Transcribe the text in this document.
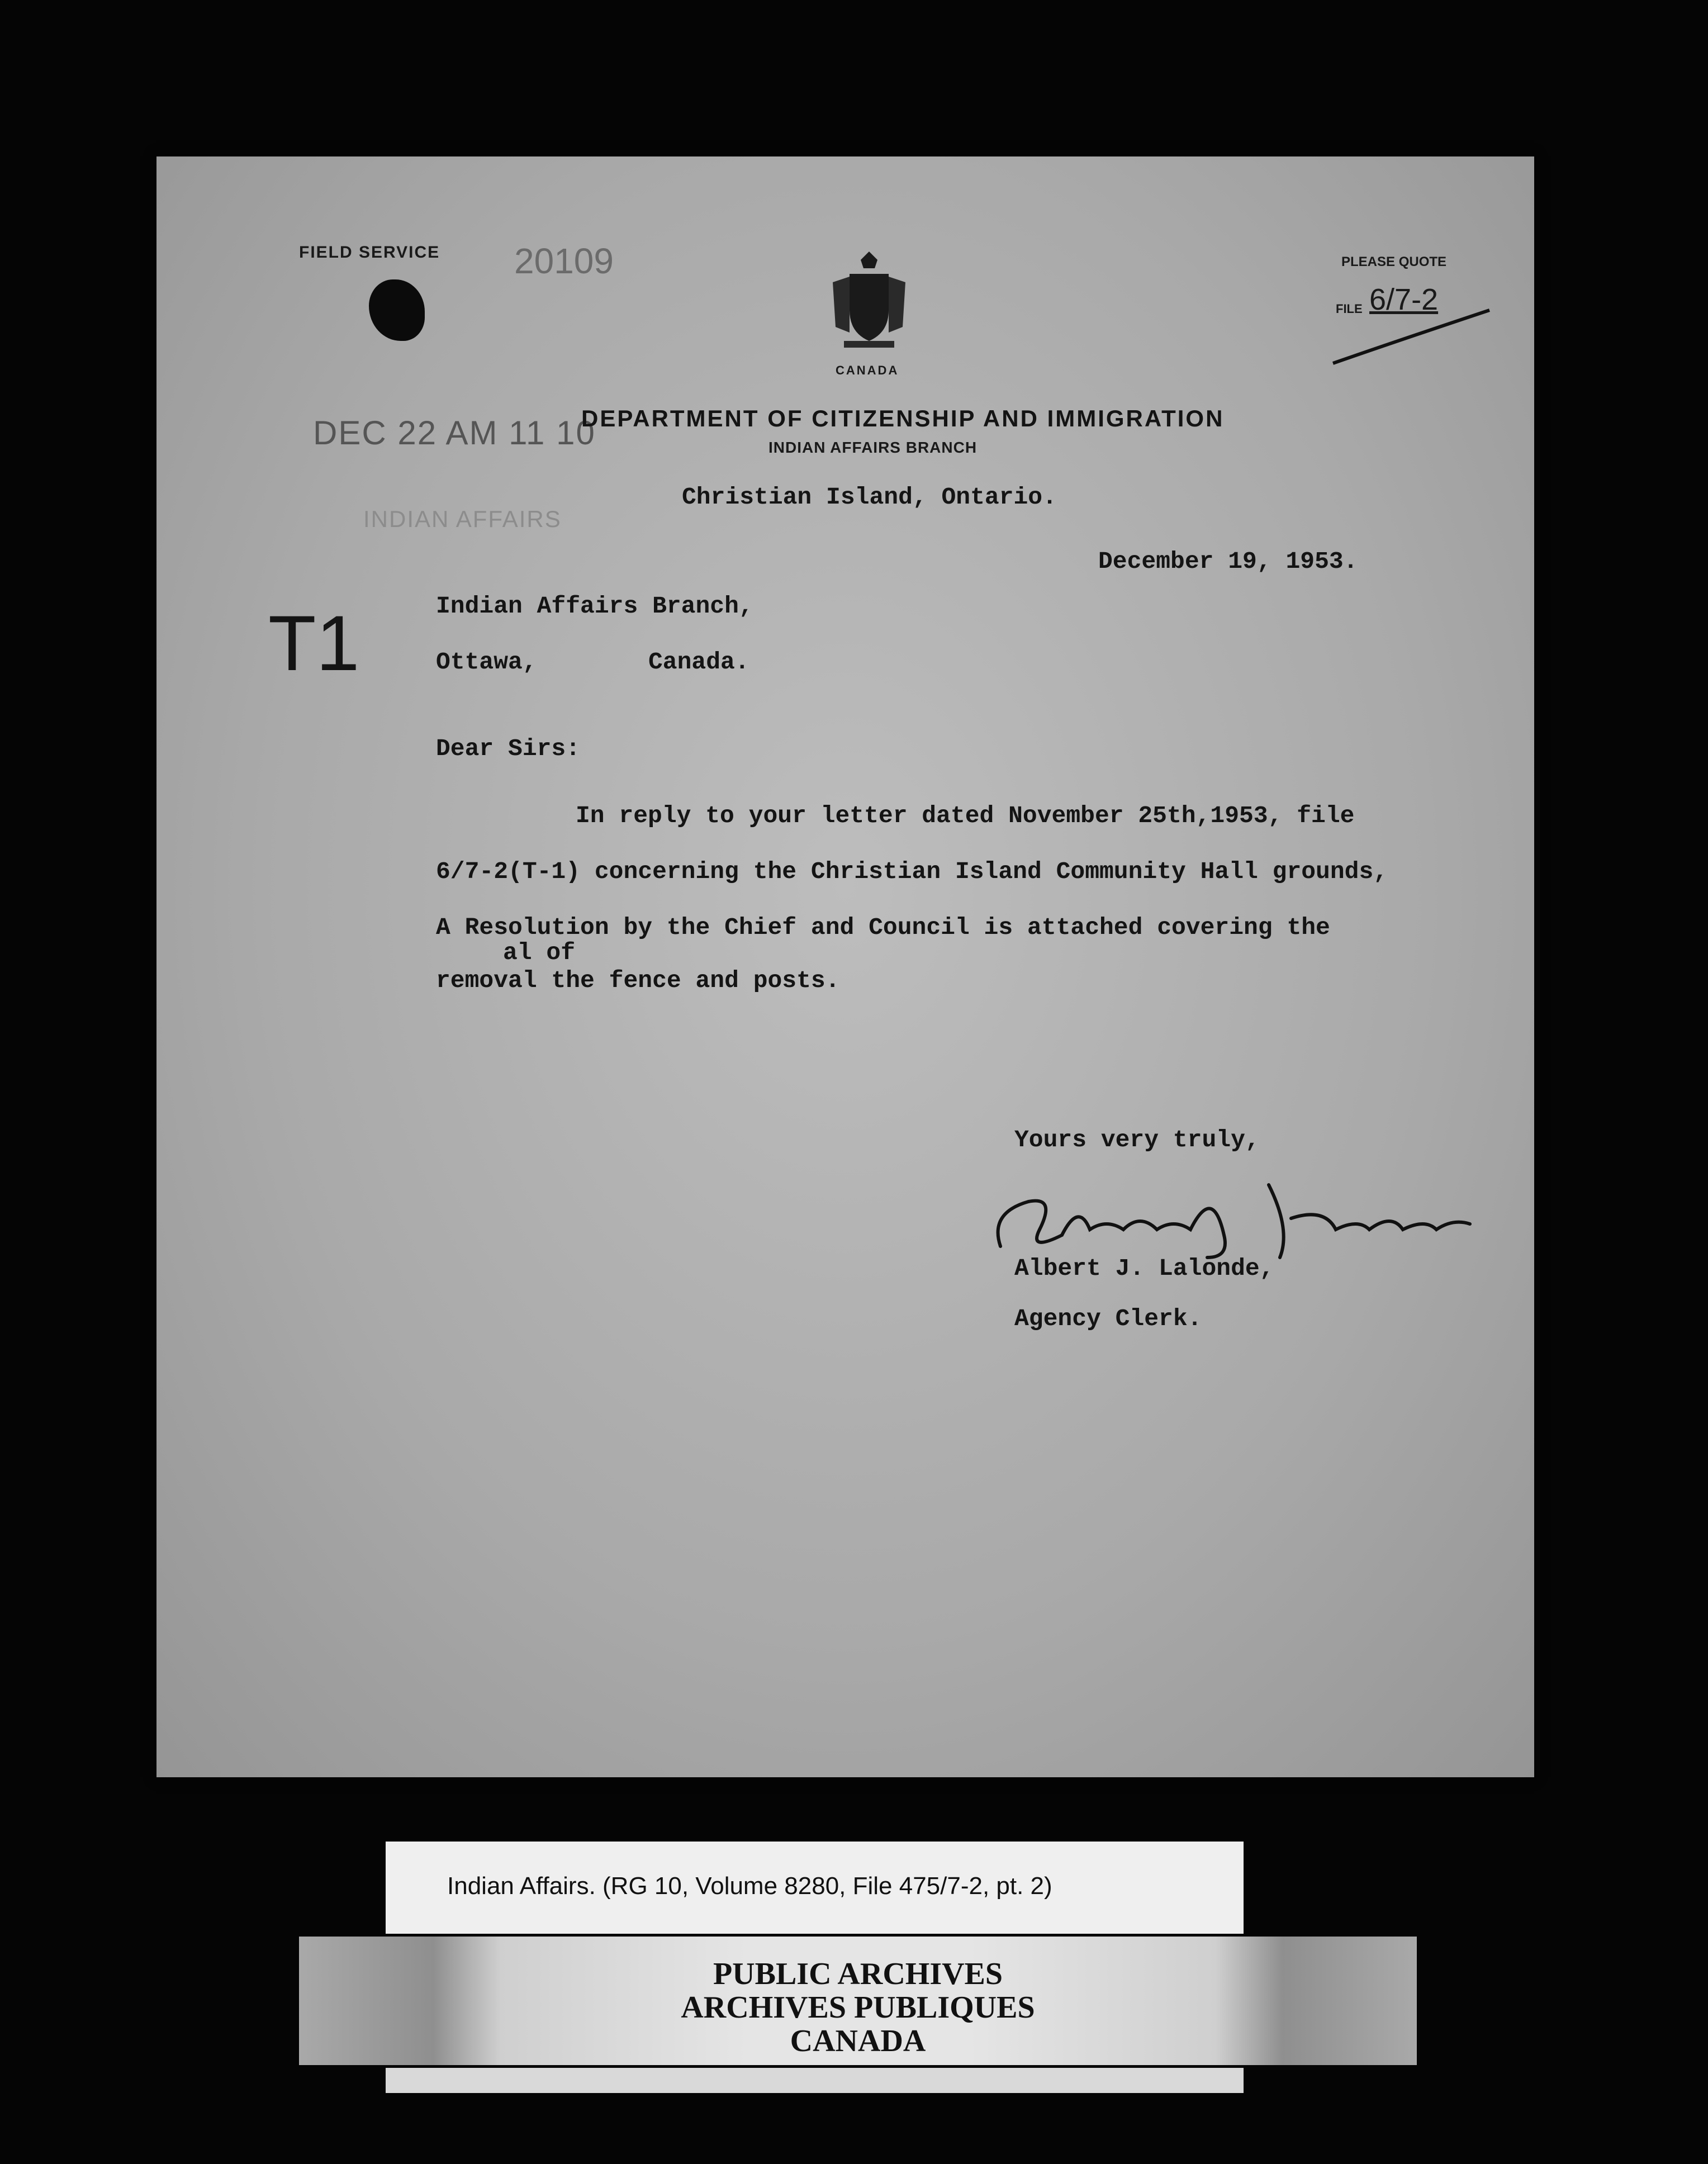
FIELD SERVICE 20109
CANADA
PLEASE QUOTE
FILE 6/7-2
DEC 22 AM 11 10
INDIAN AFFAIRS
DEPARTMENT OF CITIZENSHIP AND IMMIGRATION
INDIAN AFFAIRS BRANCH
T1
Christian Island, Ontario.
December 19, 1953.
Indian Affairs Branch,
Ottawa,	Canada.
Dear Sirs:
In reply to your letter dated November 25th,1953, file
6/7-2(T-1) concerning the Christian Island Community Hall grounds,
A Resolution by the Chief and Council is attached covering the
al of
removal the fence and posts.
Yours very truly,
Albert J. Lalonde,
Agency Clerk.
Indian Affairs. (RG 10, Volume 8280, File 475/7-2, pt. 2)
PUBLIC ARCHIVES
ARCHIVES PUBLIQUES
CANADA
